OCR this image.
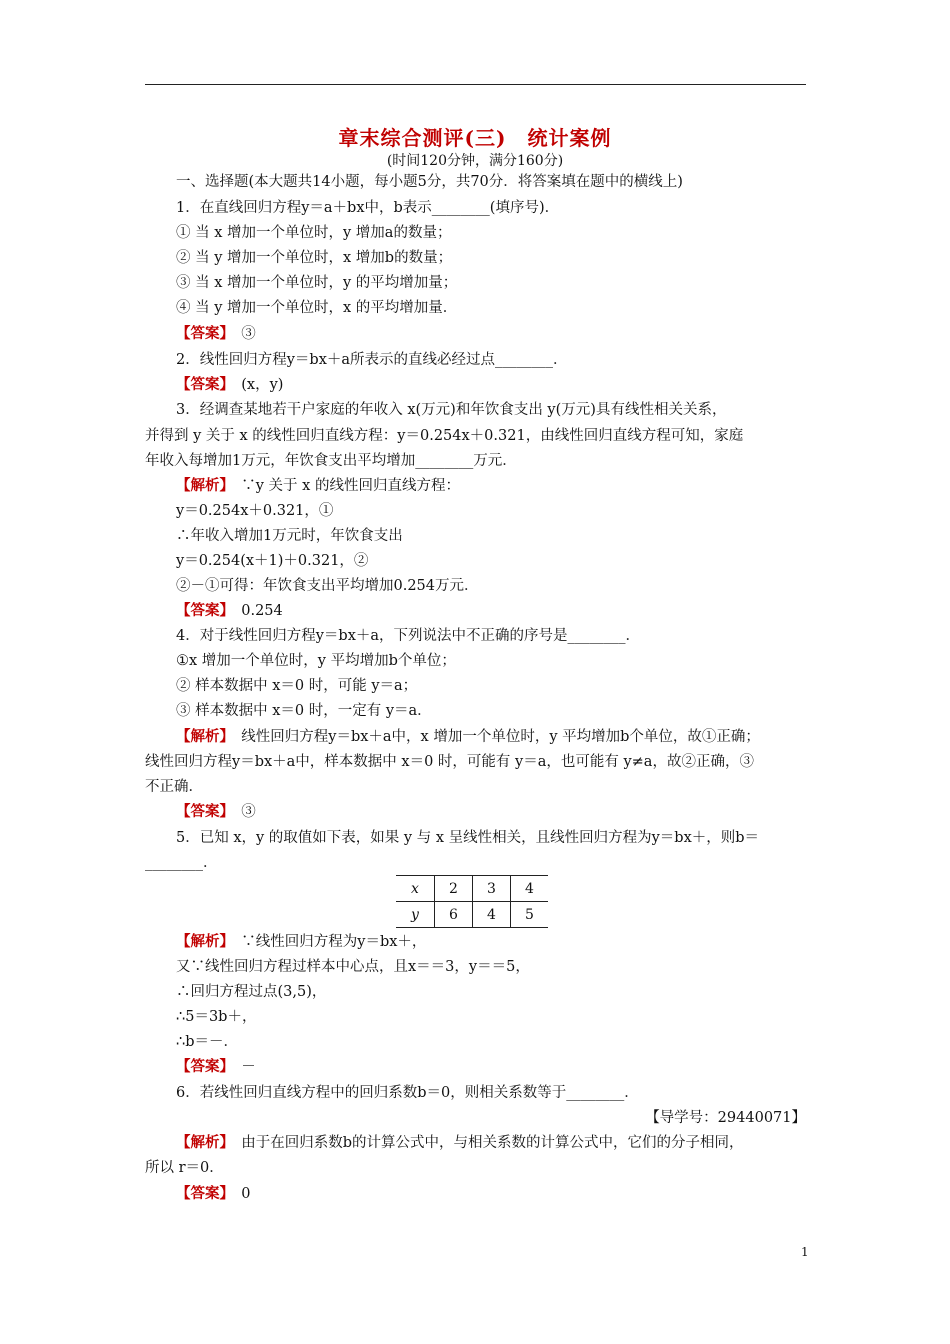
章末综合测评(三)　统计案例
(时间120分钟，满分160分)
一、选择题(本大题共14小题，每小题5分，共70分．将答案填在题中的横线上)
1．在直线回归方程y＝a＋bx中，b表示________(填序号)．
① 当 x 增加一个单位时，y 增加a的数量；
② 当 y 增加一个单位时，x 增加b的数量；
③ 当 x 增加一个单位时，y 的平均增加量；
④ 当 y 增加一个单位时，x 的平均增加量．
【答案】　 ③
2．线性回归方程y＝bx＋a所表示的直线必经过点________．
【答案】　 (x，y)
3．经调查某地若干户家庭的年收入 x(万元)和年饮食支出 y(万元)具有线性相关关系，
并得到 y 关于 x 的线性回归直线方程：y＝0.254x＋0.321，由线性回归直线方程可知，家庭
年收入每增加1万元，年饮食支出平均增加________万元．
【解析】　 ∵y 关于 x 的线性回归直线方程：
y＝0.254x＋0.321，①
∴年收入增加1万元时，年饮食支出
y＝0.254(x＋1)＋0.321，②
②－①可得：年饮食支出平均增加0.254万元．
【答案】　 0.254
4．对于线性回归方程y＝bx＋a，下列说法中不正确的序号是________．
①x 增加一个单位时，y 平均增加b个单位；
② 样本数据中 x＝0 时，可能 y＝a；
③ 样本数据中 x＝0 时，一定有 y＝a．
【解析】　 线性回归方程y＝bx＋a中，x 增加一个单位时，y 平均增加b个单位，故①正确；
线性回归方程y＝bx＋a中，样本数据中 x＝0 时，可能有 y＝a，也可能有 y≠a，故②正确，③
不正确．
【答案】　 ③
5．已知 x，y 的取值如下表，如果 y 与 x 呈线性相关，且线性回归方程为y＝bx＋，则b＝
________．
x	2	3	4
y	6	4	5
【解析】　 ∵线性回归方程为y＝bx＋，
又∵线性回归方程过样本中心点，且x＝＝3，y＝＝5，
∴回归方程过点(3,5)，
∴5＝3b＋，
∴b＝－．
【答案】　 －
6．若线性回归直线方程中的回归系数b＝0，则相关系数等于________．
【导学号：29440071】
【解析】　 由于在回归系数b的计算公式中，与相关系数的计算公式中，它们的分子相同，
所以 r＝0．
【答案】　 0
1
